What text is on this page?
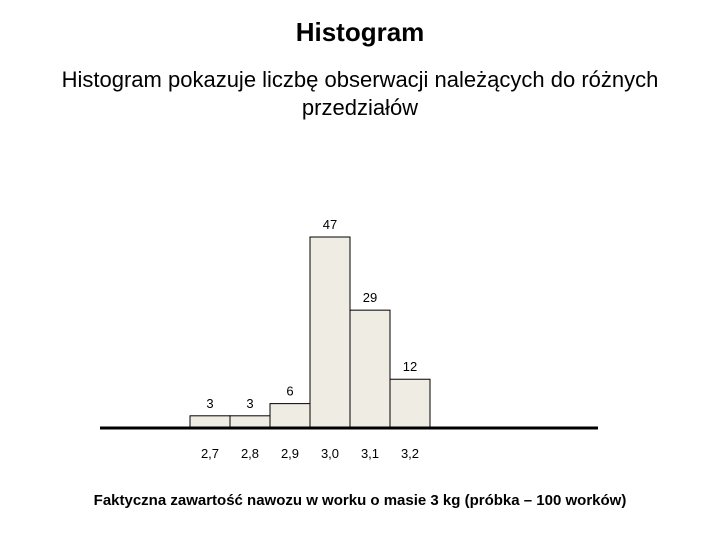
Histogram
Histogram pokazuje liczbę obserwacji należących do różnych przedziałów
3	3
6
47
29
12
2,7 2,8 2,9 3,0 3,1 3,2
Faktyczna zawartość nawozu w worku o masie 3 kg (próbka – 100 worków)
